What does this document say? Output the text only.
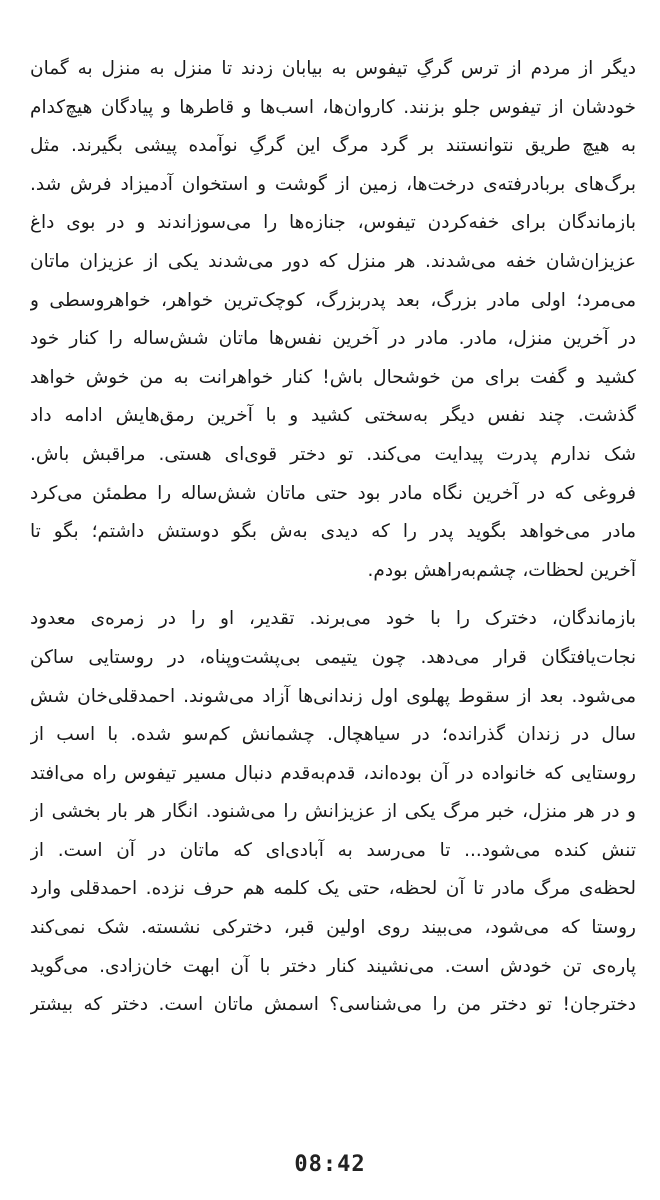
دیگر از مردم از ترس گرگِ تیفوس به بیابان زدند تا منزل به منزل به گمان
خودشان از تیفوس جلو بزنند. کاروان‌ها، اسب‌ها و قاطرها و پیادگان هیچ‌کدام
به هیچ طریق نتوانستند بر گرد مرگ این گرگِ نوآمده پیشی بگیرند. مثل
برگ‌های بربادرفته‌ی درخت‌ها، زمین از گوشت و استخوان آدمیزاد فرش شد.
بازماندگان برای خفه‌کردن تیفوس، جنازه‌ها را می‌سوزاندند و در بوی داغ
عزیزان‌شان خفه می‌شدند. هر منزل که دور می‌شدند یکی از عزیزان ماتان
می‌مرد؛ اولی مادر بزرگ، بعد پدربزرگ، کوچک‌ترین خواهر، خواهروسطی و
در آخرین منزل، مادر. مادر در آخرین نفس‌ها ماتان شش‌ساله را کنار خود
کشید و گفت برای من خوشحال باش! کنار خواهرانت به من خوش خواهد
گذشت. چند نفس دیگر به‌سختی کشید و با آخرین رمق‌هایش ادامه داد
شک ندارم پدرت پیدایت می‌کند. تو دختر قوی‌ای هستی. مراقبش باش.
فروغی که در آخرین نگاه مادر بود حتی ماتان شش‌ساله را مطمئن می‌کرد
مادر می‌خواهد بگوید پدر را که دیدی به‌ش بگو دوستش داشتم؛ بگو تا
آخرین لحظات، چشم‌به‌راهش بودم.
بازماندگان، دخترک را با خود می‌برند. تقدیر، او را در زمره‌ی معدود
نجات‌یافتگان قرار می‌دهد. چون یتیمی بی‌پشت‌وپناه، در روستایی ساکن
می‌شود. بعد از سقوط پهلوی اول زندانی‌ها آزاد می‌شوند. احمدقلی‌خان شش
سال در زندان گذرانده؛ در سیاهچال. چشمانش کم‌سو شده. با اسب از
روستایی که خانواده در آن بوده‌اند، قدم‌به‌قدم دنبال مسیر تیفوس راه می‌افتد
و در هر منزل، خبر مرگ یکی از عزیزانش را می‌شنود. انگار هر بار بخشی از
تنش کنده می‌شود... تا می‌رسد به آبادی‌ای که ماتان در آن است. از
لحظه‌ی مرگ مادر تا آن لحظه، حتی یک کلمه هم حرف نزده. احمدقلی وارد
روستا که می‌شود، می‌بیند روی اولین قبر، دخترکی نشسته. شک نمی‌کند
پاره‌ی تن خودش است. می‌نشیند کنار دختر با آن ابهت خان‌زادی. می‌گوید
دخترجان! تو دختر من را می‌شناسی؟ اسمش ماتان است. دختر که بیشتر
08:42
